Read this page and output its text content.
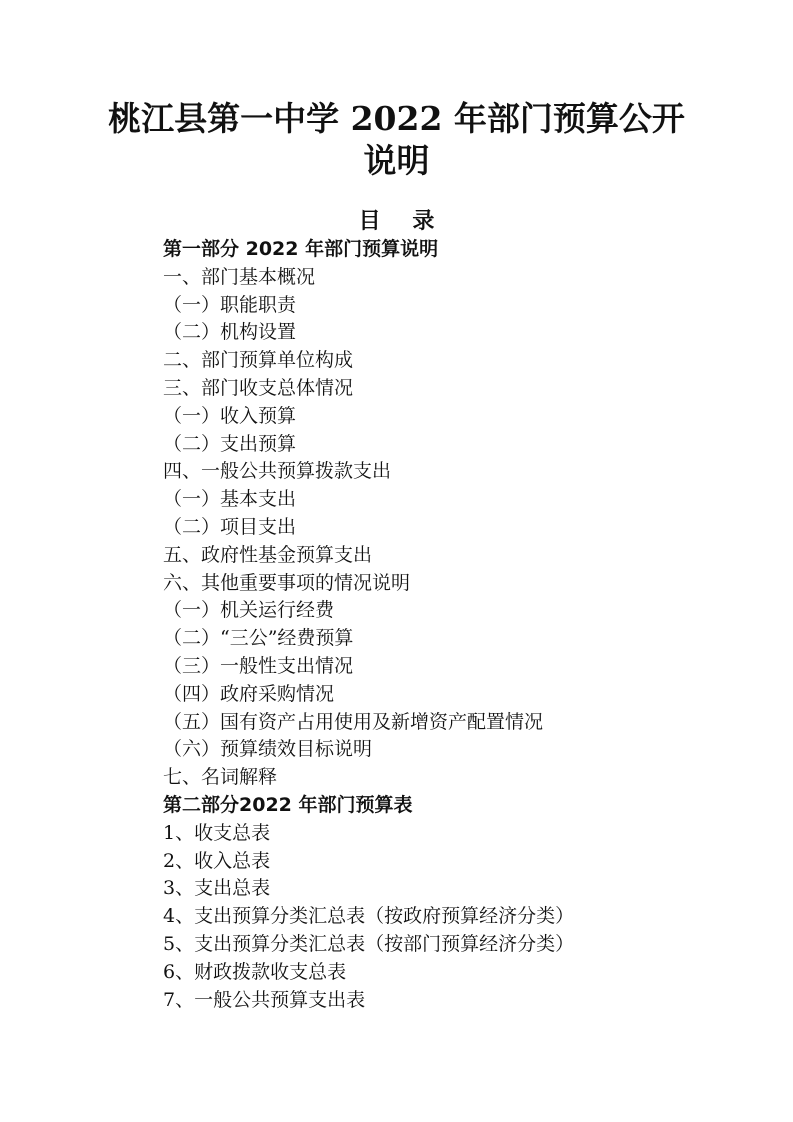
桃江县第一中学 2022 年部门预算公开
说明
目 录
第一部分 2022 年部门预算说明
一、部门基本概况
（一）职能职责
（二）机构设置
二、部门预算单位构成
三、部门收支总体情况
（一）收入预算
（二）支出预算
四、一般公共预算拨款支出
（一）基本支出
（二）项目支出
五、政府性基金预算支出
六、其他重要事项的情况说明
（一）机关运行经费
（二）“三公”经费预算
（三）一般性支出情况
（四）政府采购情况
（五）国有资产占用使用及新增资产配置情况
（六）预算绩效目标说明
七、名词解释
第二部分2022 年部门预算表
1、收支总表
2、收入总表
3、支出总表
4、支出预算分类汇总表（按政府预算经济分类）
5、支出预算分类汇总表（按部门预算经济分类）
6、财政拨款收支总表
7、一般公共预算支出表
